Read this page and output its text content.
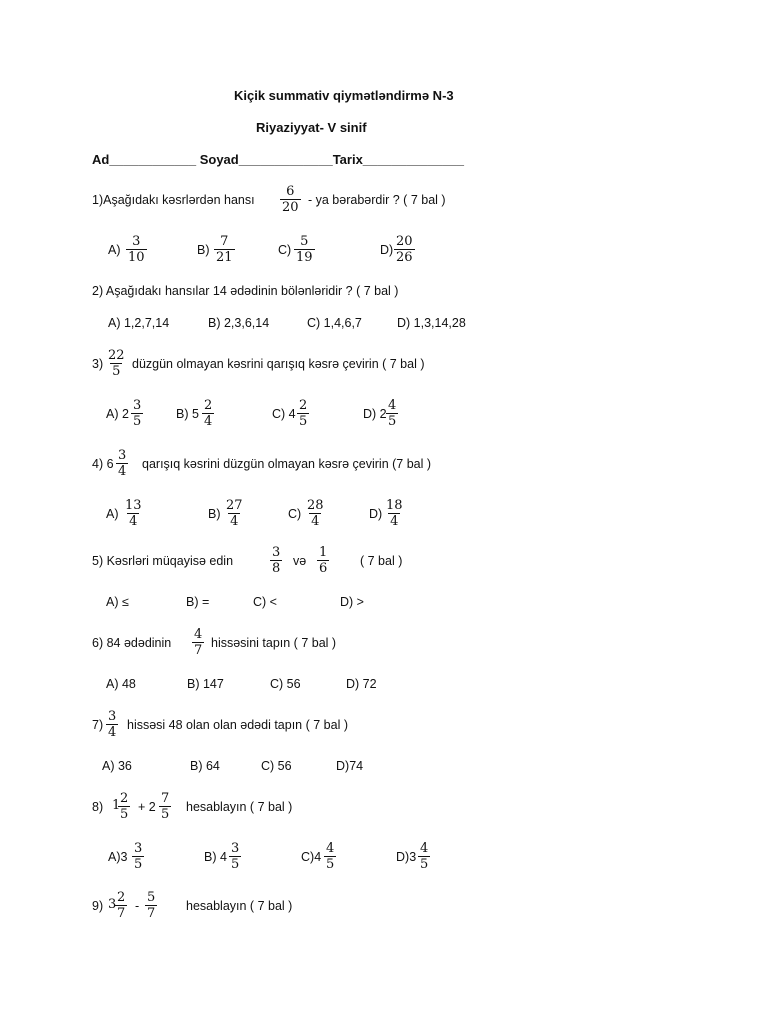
Kiçik summativ qiymətləndirmə N-3
Riyaziyyat- V sinif
Ad____________ Soyad_____________Tarix______________
1)Aşağıdakı kəsrlərdən hansı $\frac{6}{20}$ - ya bərabərdir ? ( 7 bal )
$A) \frac{3}{10}$	$B) \frac{7}{21}$	$C) \frac{5}{19}$	$D) \frac{20}{26}$
2) Aşağıdakı hansılar 14 ədədinin bölənləridir ? ( 7 bal )
A) 1,2,7,14	B) 2,3,6,14	C) 1,4,6,7	D) 1,3,14,28
$3) \frac{22}{5}$ düzgün olmayan kəsrini qarışıq kəsrə çevirin ( 7 bal )
A) $2 \frac{3}{5}$	B) $5 \frac{2}{4}$	C) $4 \frac{2}{5}$	D) $2 \frac{4}{5}$
4) $6 \frac{3}{4}$ qarışıq kəsrini düzgün olmayan kəsrə çevirin (7 bal )
$A) \frac{13}{4}$	$B) \frac{27}{4}$	$C) \frac{28}{4}$	$D) \frac{18}{4}$
5) Kəsrləri müqayisə edin	$\frac{3}{8}$ və $\frac{1}{6}$ ( 7 bal )
A) ≤	B) =	C) <	D) >
6) 84 ədədinin $\frac{4}{7}$ hissəsini tapın ( 7 bal )
A) 48	B) 147	C) 56	D) 72
$7) \frac{3}{4}$ hissəsi 48 olan olan ədədi tapın ( 7 bal )
A) 36	B) 64	C) 56	D)74
8) 1
$\frac{2}{5} + 2 \frac{7}{5}$ hesablayın ( 7 bal )
$A)3 \frac{3}{5}$	B) $4 \frac{3}{5}$	$C)4 \frac{4}{5}$	$D)3 \frac{4}{5}$
9) 3
$\frac{2}{7} - \frac{5}{7}$ hesablayın ( 7 bal )
